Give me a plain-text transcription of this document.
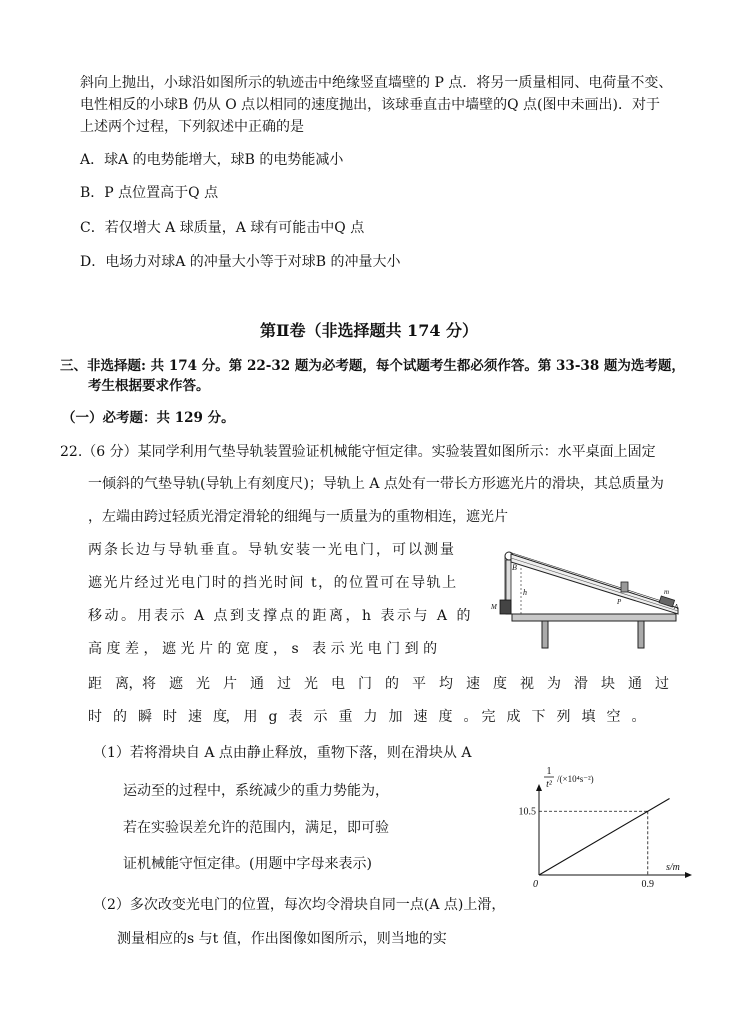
斜向上抛出，小球沿如图所示的轨迹击中绝缘竖直墙壁的 P 点．将另一质量相同、电荷量不变、
电性相反的小球B 仍从 O 点以相同的速度抛出，该球垂直击中墙壁的Q 点(图中未画出)．对于
上述两个过程，下列叙述中正确的是
A．球A 的电势能增大，球B 的电势能减小
B．P 点位置高于Q 点
C．若仅增大 A 球质量，A 球有可能击中Q 点
D．电场力对球A 的冲量大小等于对球B 的冲量大小
第Ⅱ卷（非选择题共 174 分）
三、非选择题: 共 174 分。第 22-32 题为必考题，每个试题考生都必须作答。第 33-38 题为选考题，
考生根据要求作答。
（一）必考题：共 129 分。
22.（6 分）某同学利用气垫导轨装置验证机械能守恒定律。实验装置如图所示：水平桌面上固定
一倾斜的气垫导轨(导轨上有刻度尺)；导轨上 A 点处有一带长方形遮光片的滑块，其总质量为
，左端由跨过轻质光滑定滑轮的细绳与一质量为的重物相连，遮光片
两条长边与导轨垂直。导轨安装一光电门，可以测量
遮光片经过光电门时的挡光时间 t，的位置可在导轨上
移动。用表示 A 点到支撑点的距离，h 表示与 A 的
高度差，遮光片的宽度，s 表示光电门到的
距　离，将　遮　光　片　通　过　光　电　门　的　平　均　速　度　视　为　滑　块　通　过
时　的　瞬　时　速　度，　用　g　表　示　重　力　加　速　度　。　完　成　下　列　填　空　。
（1）若将滑块自 A 点由静止释放，重物下落，则在滑块从 A
运动至的过程中，系统减少的重力势能为，
若在实验误差允许的范围内，满足，即可验
证机械能守恒定律。(用题中字母来表示)
（2）多次改变光电门的位置，每次均令滑块自同一点(A 点)上滑，
测量相应的s 与t 值，作出图像如图所示，则当地的实
B
h
M
P
m
A
1
t² /(×10⁴s⁻²)
s/m
0
10.5
0.9
